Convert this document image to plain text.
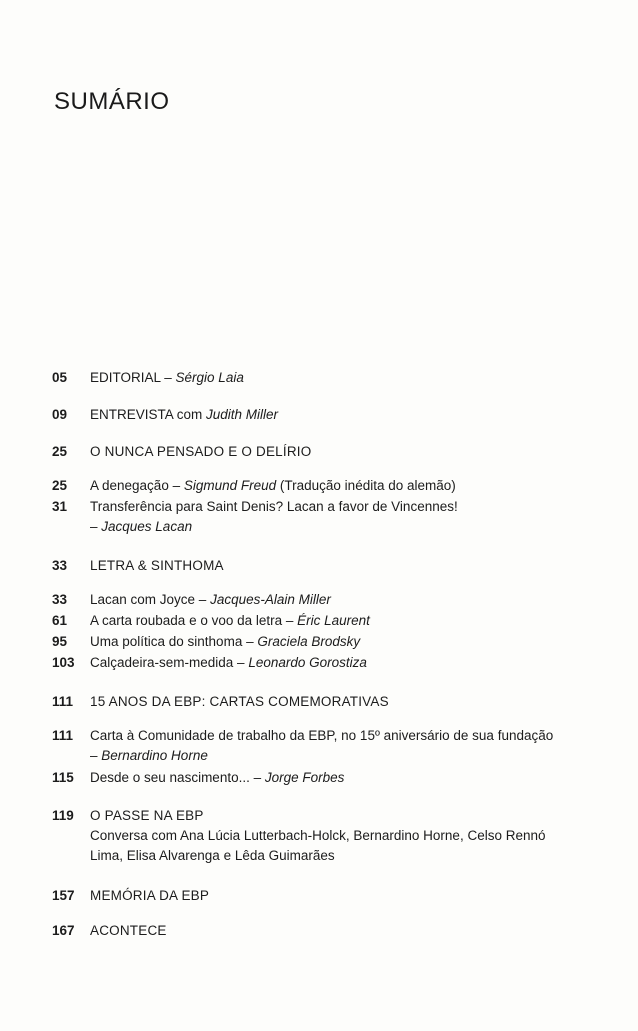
SUMÁRIO
05	EDITORIAL – Sérgio Laia
09	ENTREVISTA com Judith Miller
25	O NUNCA PENSADO E O DELÍRIO
25	A denegação – Sigmund Freud (Tradução inédita do alemão)
31	Transferência para Saint Denis? Lacan a favor de Vincennes!
– Jacques Lacan
33	LETRA & SINTHOMA
33	Lacan com Joyce – Jacques-Alain Miller
61	A carta roubada e o voo da letra – Éric Laurent
95	Uma política do sinthoma – Graciela Brodsky
103	Calçadeira-sem-medida – Leonardo Gorostiza
111	15 ANOS DA EBP: CARTAS COMEMORATIVAS
111	Carta à Comunidade de trabalho da EBP, no 15º aniversário de sua fundação
– Bernardino Horne
115	Desde o seu nascimento... – Jorge Forbes
119	O PASSE NA EBP
Conversa com Ana Lúcia Lutterbach-Holck, Bernardino Horne, Celso Rennó
Lima, Elisa Alvarenga e Lêda Guimarães
157	MEMÓRIA DA EBP
167	ACONTECE
